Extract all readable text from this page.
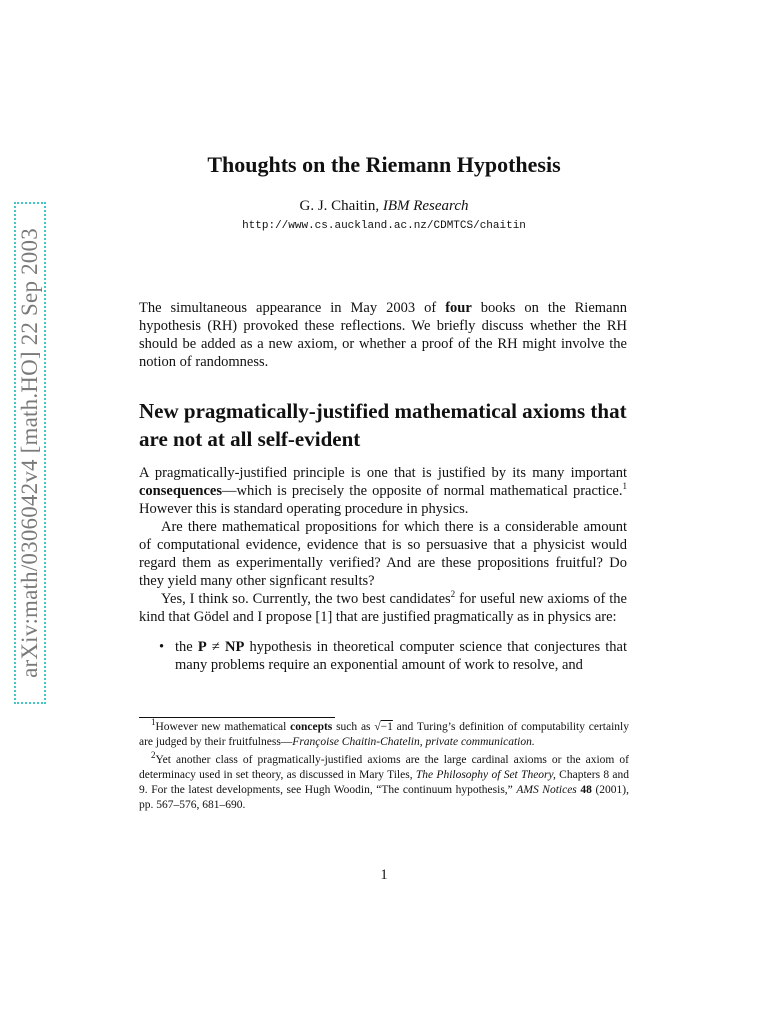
arXiv:math/0306042v4 [math.HO] 22 Sep 2003
Thoughts on the Riemann Hypothesis
G. J. Chaitin, IBM Research
http://www.cs.auckland.ac.nz/CDMTCS/chaitin
The simultaneous appearance in May 2003 of four books on the Riemann hypothesis (RH) provoked these reflections. We briefly discuss whether the RH should be added as a new axiom, or whether a proof of the RH might involve the notion of randomness.
New pragmatically-justified mathematical axioms that are not at all self-evident

A pragmatically-justified principle is one that is justified by its many important consequences—which is precisely the opposite of normal mathematical practice.$^1$ However this is standard operating procedure in physics.

Are there mathematical propositions for which there is a considerable amount of computational evidence, evidence that is so persuasive that a physicist would regard them as experimentally verified? And are these propositions fruitful? Do they yield many other signficant results?

Yes, I think so. Currently, the two best candidates$^2$ for useful new axioms of the kind that Gödel and I propose [1] that are justified pragmatically as in physics are:

• the P ≠ NP hypothesis in theoretical computer science that conjectures that many problems require an exponential amount of work to resolve, and

$^1$However new mathematical concepts such as √−1 and Turing’s definition of computability certainly are judged by their fruitfulness—Françoise Chaitin-Chatelin, private communication.

$^2$Yet another class of pragmatically-justified axioms are the large cardinal axioms or the axiom of determinacy used in set theory, as discussed in Mary Tiles, The Philosophy of Set Theory, Chapters 8 and 9. For the latest developments, see Hugh Woodin, “The continuum hypothesis,” AMS Notices 48 (2001), pp. 567–576, 681–690.

1
